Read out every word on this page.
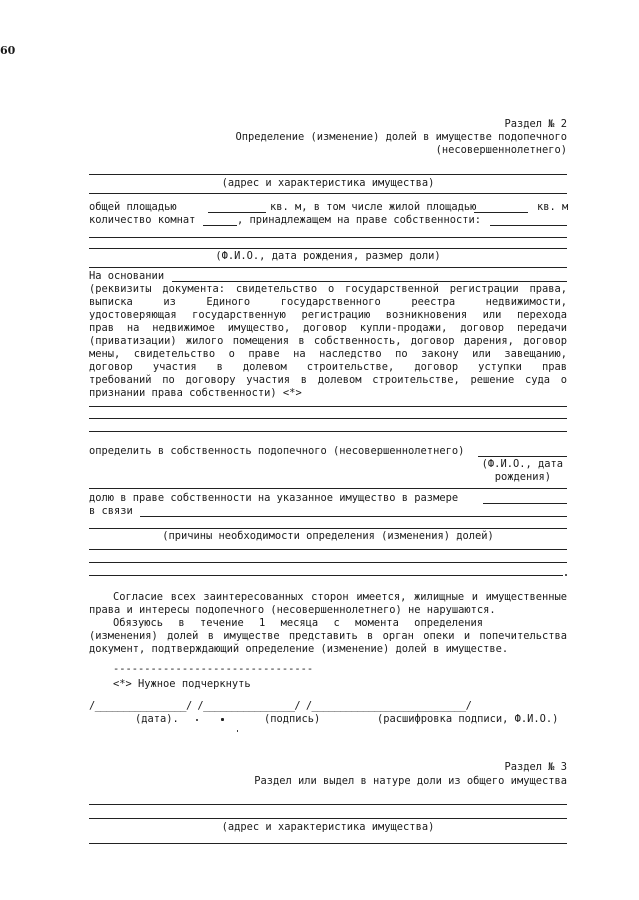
60
Раздел № 2
Определение (изменение) долей в имуществе подопечного
(несовершеннолетнего)
(адрес и характеристика имущества)
общей площадью	кв. м, в том числе жилой площадью	кв. м
количество комнат	, принадлежащем на праве собственности:
(Ф.И.О., дата рождения, размер доли)
На основании
(реквизиты документа: свидетельство о государственной регистрации права,
выписка из Единого государственного реестра недвижимости,
удостоверяющая государственную регистрацию возникновения или перехода
прав на недвижимое имущество, договор купли-продажи, договор передачи
(приватизации) жилого помещения в собственность, договор дарения, договор
мены, свидетельство о праве на наследство по закону или завещанию,
договор участия в долевом строительстве, договор уступки прав
требований по договору участия в долевом строительстве, решение суда о
признании права собственности) <*>
определить в собственность подопечного (несовершеннолетнего)
(Ф.И.О., дата
рождения)
долю в праве собственности на указанное имущество в размере
в связи
(причины необходимости определения (изменения) долей)
Согласие всех заинтересованных сторон имеется, жилищные и имущественные
права и интересы подопечного (несовершеннолетнего) не нарушаются.
Обязуюсь в течение 1 месяца с момента определения
(изменения) долей в имуществе представить в орган опеки и попечительства
документ, подтверждающий определение (изменение) долей в имуществе.
--------------------------------
<*> Нужное подчеркнуть
/________________/ /________________/ /___________________________/
(дата).	(подпись)	(расшифровка подписи, Ф.И.О.)
Раздел № 3
Раздел или выдел в натуре доли из общего имущества
(адрес и характеристика имущества)
